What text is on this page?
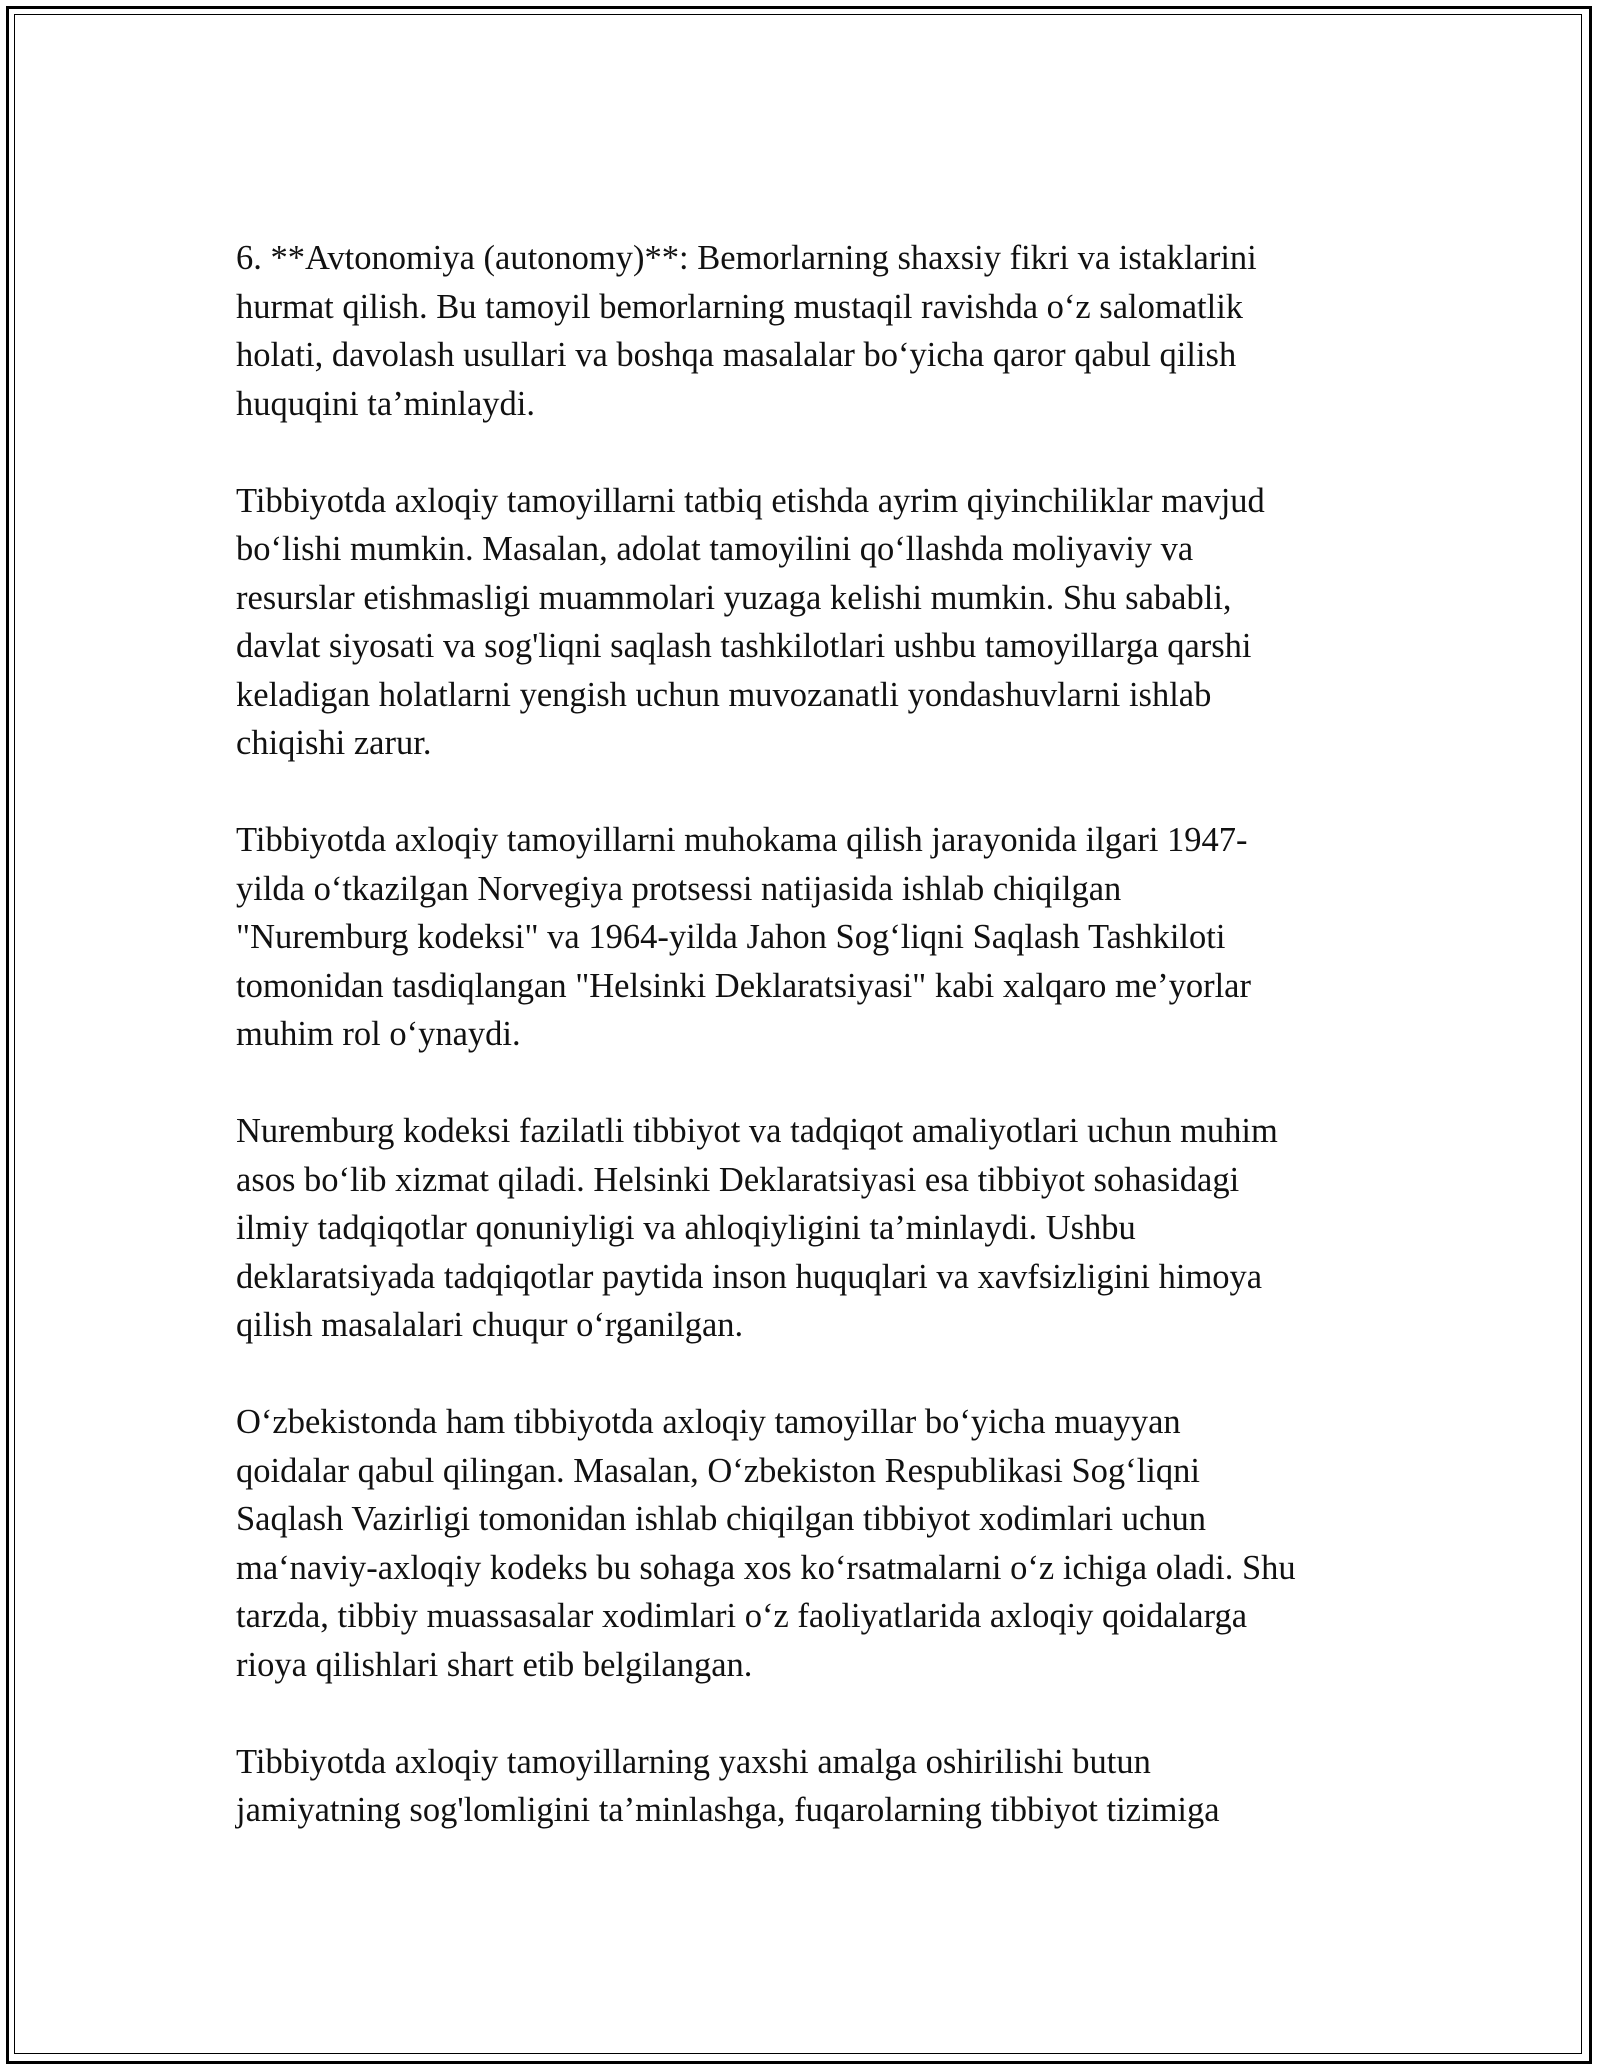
6. **Avtonomiya (autonomy)**: Bemorlarning shaxsiy fikri va istaklarini
hurmat qilish. Bu tamoyil bemorlarning mustaqil ravishda o‘z salomatlik
holati, davolash usullari va boshqa masalalar bo‘yicha qaror qabul qilish
huquqini ta’minlaydi.

Tibbiyotda axloqiy tamoyillarni tatbiq etishda ayrim qiyinchiliklar mavjud
bo‘lishi mumkin. Masalan, adolat tamoyilini qo‘llashda moliyaviy va
resurslar etishmasligi muammolari yuzaga kelishi mumkin. Shu sababli,
davlat siyosati va sog'liqni saqlash tashkilotlari ushbu tamoyillarga qarshi
keladigan holatlarni yengish uchun muvozanatli yondashuvlarni ishlab
chiqishi zarur.

Tibbiyotda axloqiy tamoyillarni muhokama qilish jarayonida ilgari 1947-
yilda o‘tkazilgan Norvegiya protsessi natijasida ishlab chiqilgan
"Nuremburg kodeksi" va 1964-yilda Jahon Sog‘liqni Saqlash Tashkiloti
tomonidan tasdiqlangan "Helsinki Deklaratsiyasi" kabi xalqaro me’yorlar
muhim rol o‘ynaydi.

Nuremburg kodeksi fazilatli tibbiyot va tadqiqot amaliyotlari uchun muhim
asos bo‘lib xizmat qiladi. Helsinki Deklaratsiyasi esa tibbiyot sohasidagi
ilmiy tadqiqotlar qonuniyligi va ahloqiyligini ta’minlaydi. Ushbu
deklaratsiyada tadqiqotlar paytida inson huquqlari va xavfsizligini himoya
qilish masalalari chuqur o‘rganilgan.

O‘zbekistonda ham tibbiyotda axloqiy tamoyillar bo‘yicha muayyan
qoidalar qabul qilingan. Masalan, O‘zbekiston Respublikasi Sog‘liqni
Saqlash Vazirligi tomonidan ishlab chiqilgan tibbiyot xodimlari uchun
ma‘naviy-axloqiy kodeks bu sohaga xos ko‘rsatmalarni o‘z ichiga oladi. Shu
tarzda, tibbiy muassasalar xodimlari o‘z faoliyatlarida axloqiy qoidalarga
rioya qilishlari shart etib belgilangan.

Tibbiyotda axloqiy tamoyillarning yaxshi amalga oshirilishi butun
jamiyatning sog'lomligini ta’minlashga, fuqarolarning tibbiyot tizimiga
